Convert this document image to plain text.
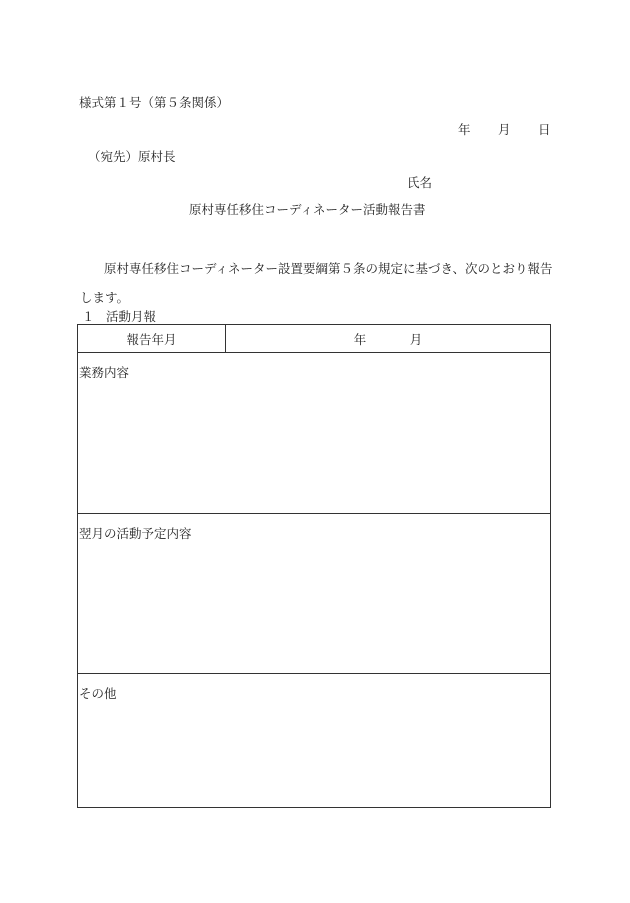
様式第１号（第５条関係）
年 月 日
（宛先）原村長
氏名
原村専任移住コーディネーター活動報告書
原村専任移住コーディネーター設置要綱第５条の規定に基づき、次のとおり報告します。
１ 活動月報
報告年月	年	月

業務内容

翌月の活動予定内容

その他
